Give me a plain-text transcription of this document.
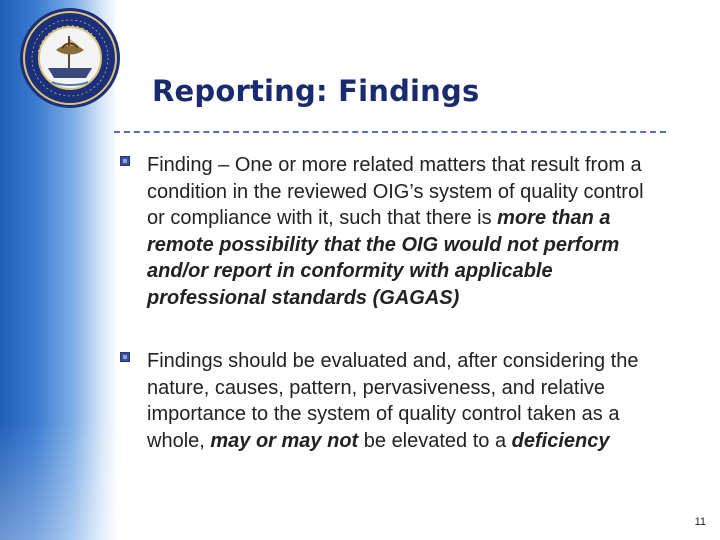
· · · · · · · · · · · · · · ·
Reporting: Findings
Finding – One or more related matters that result from a condition in the reviewed OIG’s system of quality control or compliance with it, such that there is more than a remote possibility that the OIG would not perform and/or report in conformity with applicable professional standards (GAGAS)
Findings should be evaluated and, after considering the nature, causes, pattern, pervasiveness, and relative importance to the system of quality control taken as a whole, may or may not be elevated to a deficiency
11
